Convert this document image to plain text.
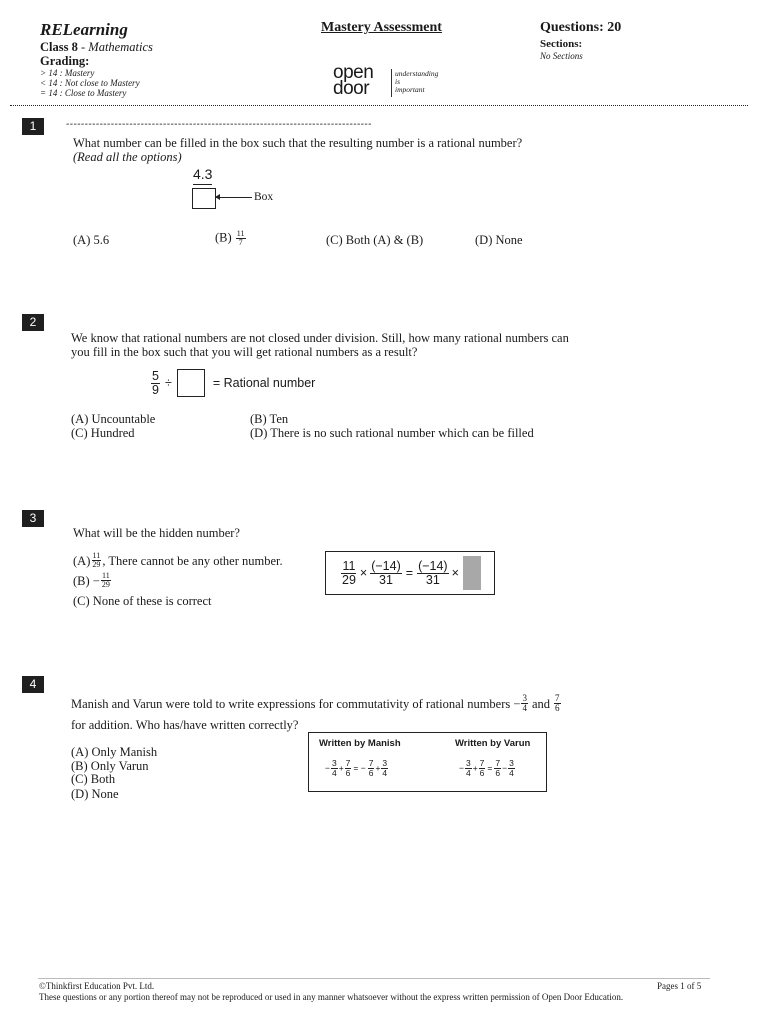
RELearning
Class 8 - Mathematics
Grading:
> 14 : Mastery
< 14 : Not close to Mastery
= 14 : Close to Mastery
Mastery Assessment	Questions: 20
Sections:
No Sections
open
door
understanding
is
important
1	----------------------------------------------------------------------------------
What number can be filled in the box such that the resulting number is a rational number?
(Read all the options)
4.3
Box
(A) 5.6	$(B) \frac{11}{7}$	(C) Both (A) & (B)	(D) None
2
We know that rational numbers are not closed under division. Still, how many rational numbers can
you fill in the box such that you will get rational numbers as a result?
$\frac{5}{9}$ ÷	= Rational number
(A) Uncountable	(B) Ten
(C) Hundred	(D) There is no such rational number which can be filled
3
What will be the hidden number?
$(A) \frac{11}{29}$ , There cannot be any other number.
$(B) - \frac{11}{29}$
(C) None of these is correct
$\frac{11}{29} \times \frac{(-14)}{31} = \frac{(-14)}{31}$ ×
4
Manish and Varun were told to write expressions for commutativity of rational numbers − $\frac{3}{4}$ and $\frac{7}{6}$
for addition. Who has/have written correctly?
(A) Only Manish
(B) Only Varun
(C) Both
(D) None
Written by Manish	Written by Varun
− $\frac{3}{4} + \frac{7}{6}$ = − $\frac{7}{6} + \frac{3}{4}$	− $\frac{3}{4} + \frac{7}{6} = \frac{7}{6} - \frac{3}{4}$
©Thinkfirst Education Pvt. Ltd.	Pages 1 of 5
These questions or any portion thereof may not be reproduced or used in any manner whatsoever without the express written permission of Open Door Education.
